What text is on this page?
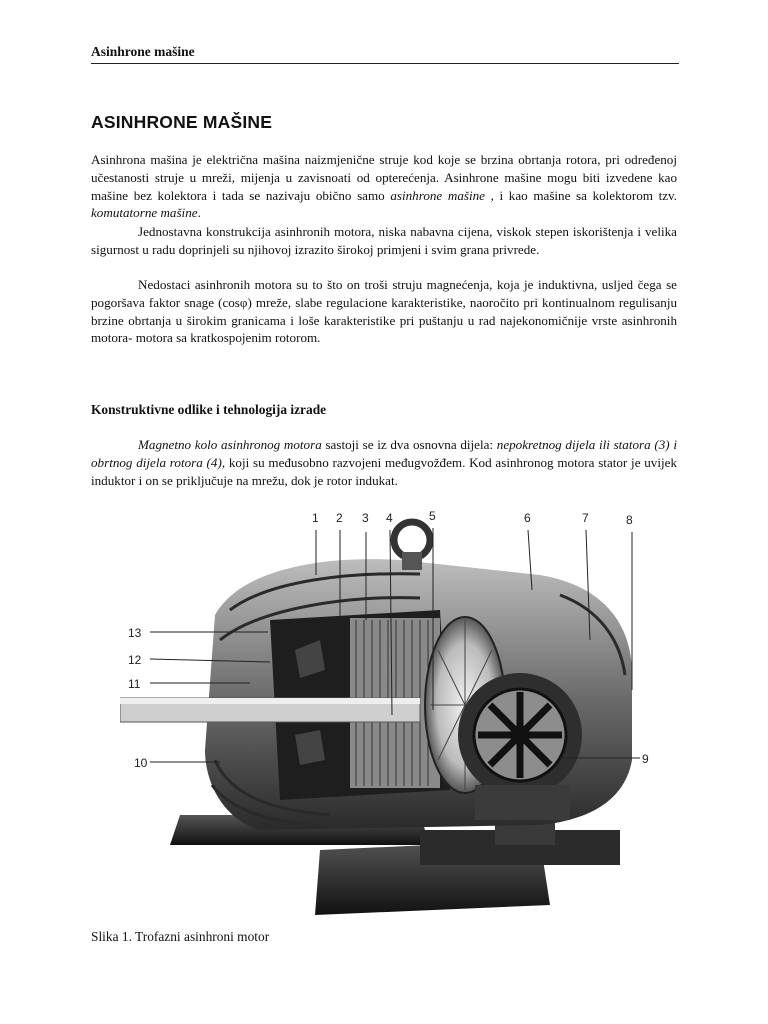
Asinhrone mašine
ASINHRONE MAŠINE
Asinhrona mašina je električna mašina naizmjenične struje kod koje se brzina obrtanja rotora, pri određenoj učestanosti struje u mreži, mijenja u zavisnoati od opterećenja. Asinhrone mašine mogu biti izvedene kao mašine bez kolektora i tada se nazivaju obično samo asinhrone mašine , i kao mašine sa kolektorom tzv. komutatorne mašine.
Jednostavna konstrukcija asinhronih motora, niska nabavna cijena, viskok stepen iskorištenja i velika sigurnost u radu doprinjeli su njihovoj izrazito širokoj primjeni i svim grana privrede.
Nedostaci asinhronih motora su to što on troši struju magnećenja, koja je induktivna, usljed čega se pogoršava faktor snage (cosφ) mreže, slabe regulacione karakteristike, naoročito pri kontinualnom regulisanju brzine obrtanja u širokim granicama i loše karakteristike pri puštanju u rad najekonomičnije vrste asinhronih motora- motora sa kratkospojenim rotorom.
Konstruktivne odlike i tehnologija izrade
Magnetno kolo asinhronog motora sastoji se iz dva osnovna dijela: nepokretnog dijela ili statora (3) i obrtnog dijela rotora (4), koji su međusobno razvojeni međugvožđem. Kod asinhronog motora stator je uvijek induktor i on se priključuje na mrežu, dok je rotor indukat.
1 2 3 4	5	6	7	8
13
12
11
10	9
Slika 1. Trofazni asinhroni motor
